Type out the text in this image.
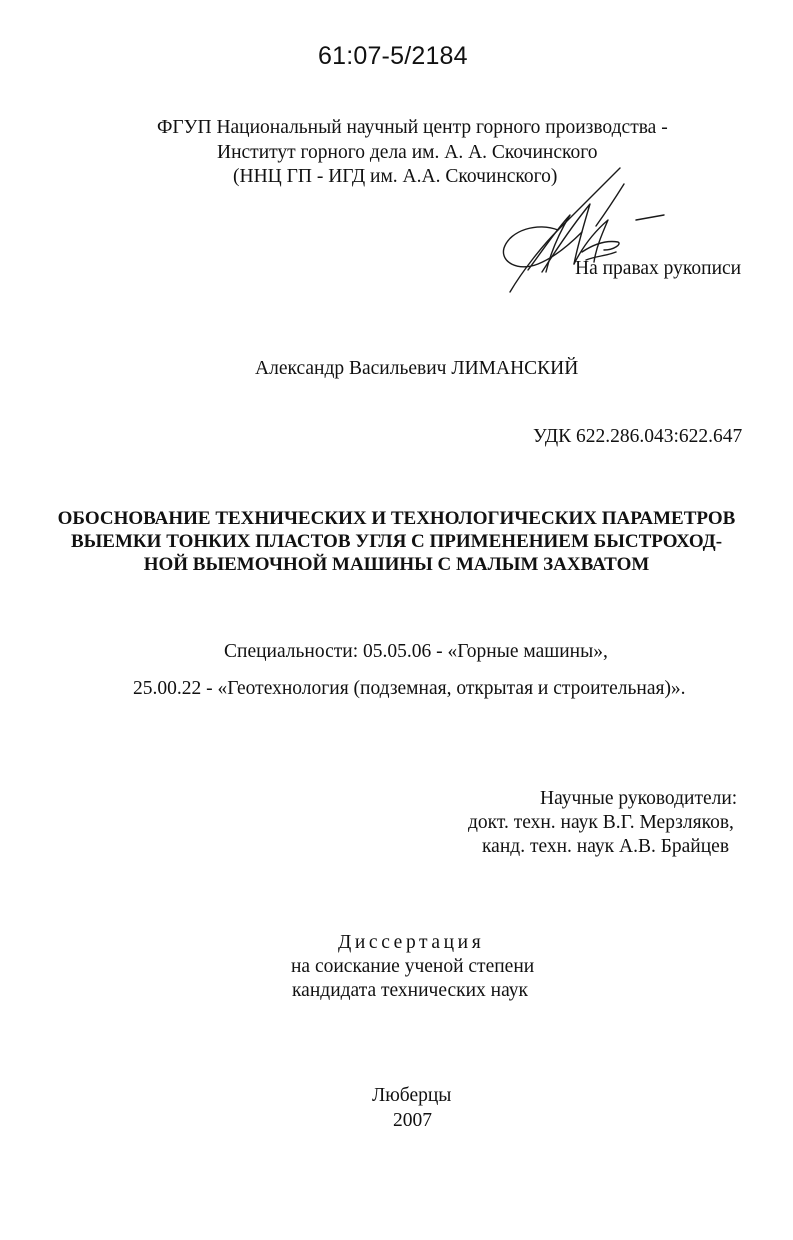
61:07-5/2184
ФГУП Национальный научный центр горного производства -
Институт горного дела им. А. А. Скочинского
(ННЦ ГП - ИГД им. А.А. Скочинского)
На правах рукописи
Александр Васильевич ЛИМАНСКИЙ
УДК 622.286.043:622.647
ОБОСНОВАНИЕ ТЕХНИЧЕСКИХ И ТЕХНОЛОГИЧЕСКИХ ПАРАМЕТРОВ
ВЫЕМКИ ТОНКИХ ПЛАСТОВ УГЛЯ С ПРИМЕНЕНИЕМ БЫСТРОХОД-
НОЙ ВЫЕМОЧНОЙ МАШИНЫ С МАЛЫМ ЗАХВАТОМ
Специальности: 05.05.06 - «Горные машины»,
25.00.22 - «Геотехнология (подземная, открытая и строительная)».
Научные руководители:
докт. техн. наук В.Г. Мерзляков,
канд. техн. наук А.В. Брайцев
Диссертация
на соискание ученой степени
кандидата технических наук
Люберцы
2007
